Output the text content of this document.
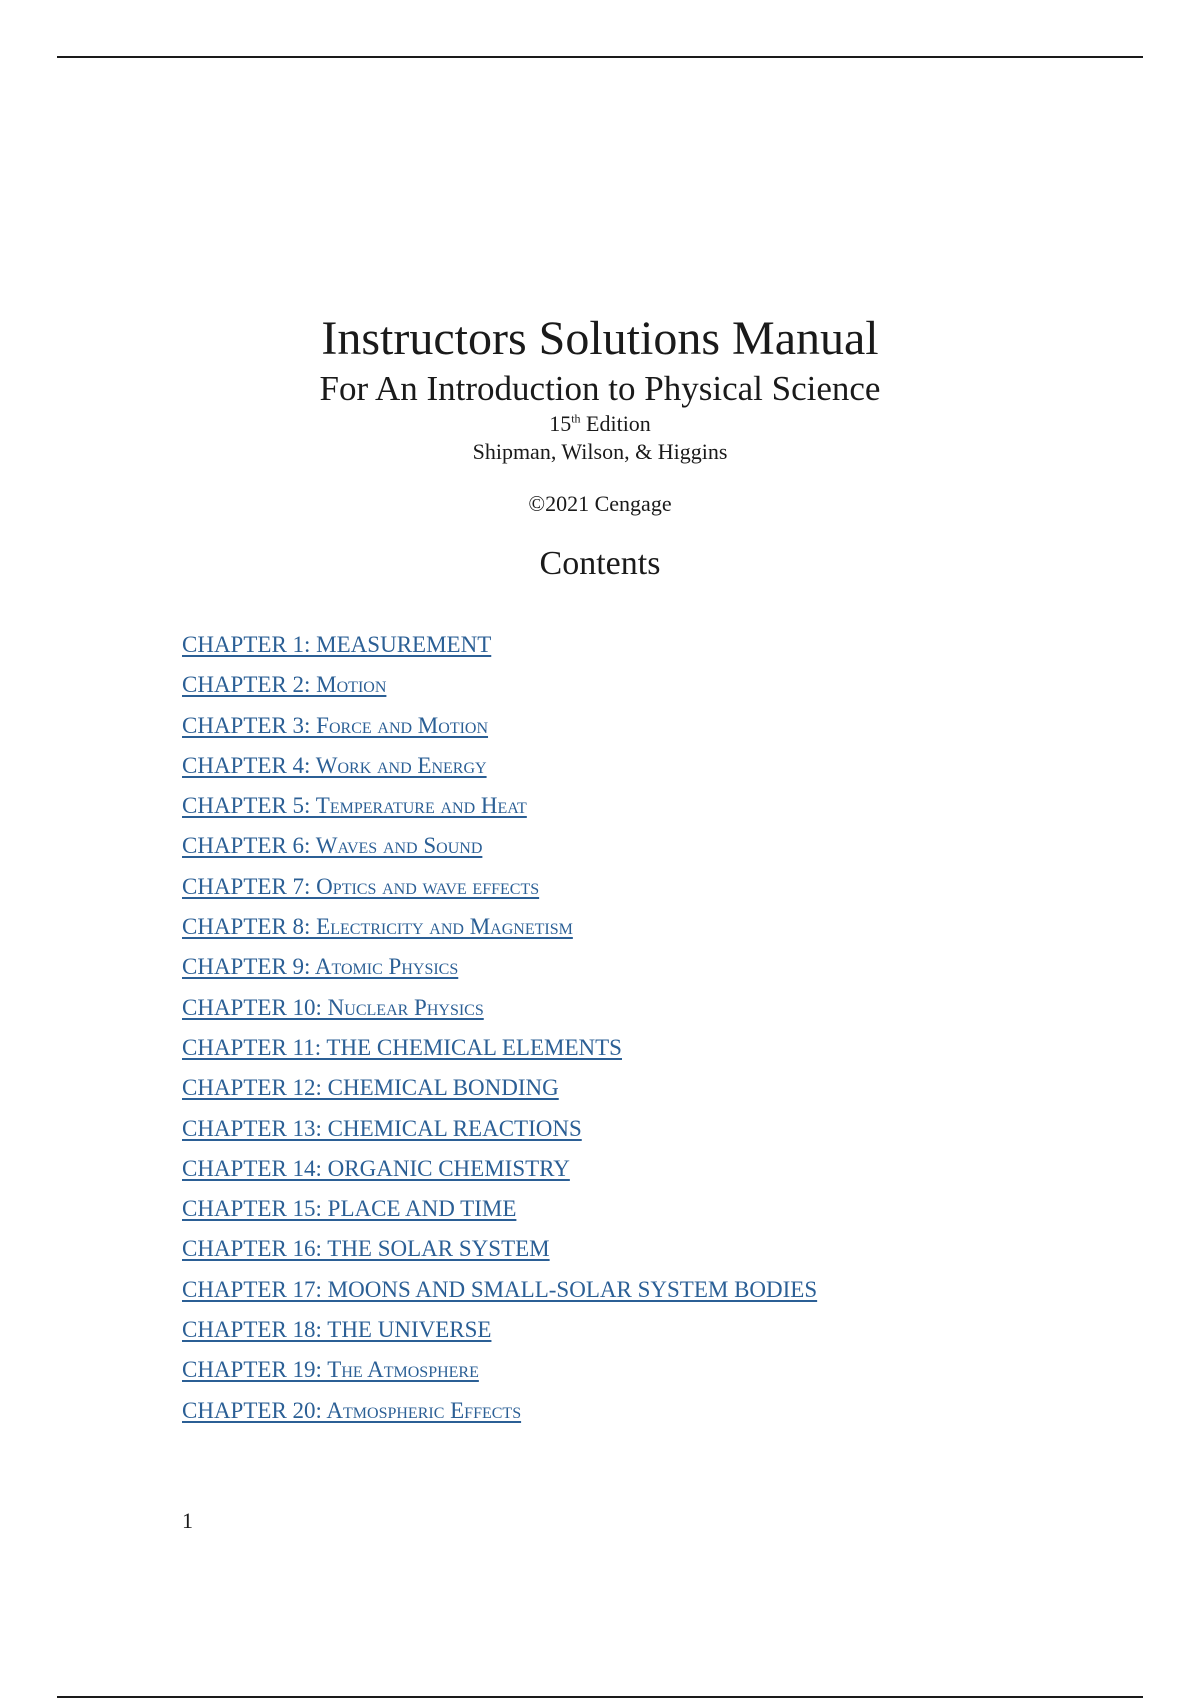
Instructors Solutions Manual
For An Introduction to Physical Science

15th Edition

Shipman, Wilson, & Higgins

©2021 Cengage

Contents
CHAPTER 1: MEASUREMENT
CHAPTER 2: Motion
CHAPTER 3: Force and Motion
CHAPTER 4: Work and Energy
CHAPTER 5: Temperature and Heat
CHAPTER 6: Waves and Sound
CHAPTER 7: Optics and wave effects
CHAPTER 8: Electricity and Magnetism
CHAPTER 9: Atomic Physics
CHAPTER 10: Nuclear Physics
CHAPTER 11: THE CHEMICAL ELEMENTS
CHAPTER 12: CHEMICAL BONDING
CHAPTER 13: CHEMICAL REACTIONS
CHAPTER 14: ORGANIC CHEMISTRY
CHAPTER 15: PLACE AND TIME
CHAPTER 16: THE SOLAR SYSTEM
CHAPTER 17: MOONS AND SMALL-SOLAR SYSTEM BODIES
CHAPTER 18: THE UNIVERSE
CHAPTER 19: The Atmosphere
CHAPTER 20: Atmospheric Effects
1
